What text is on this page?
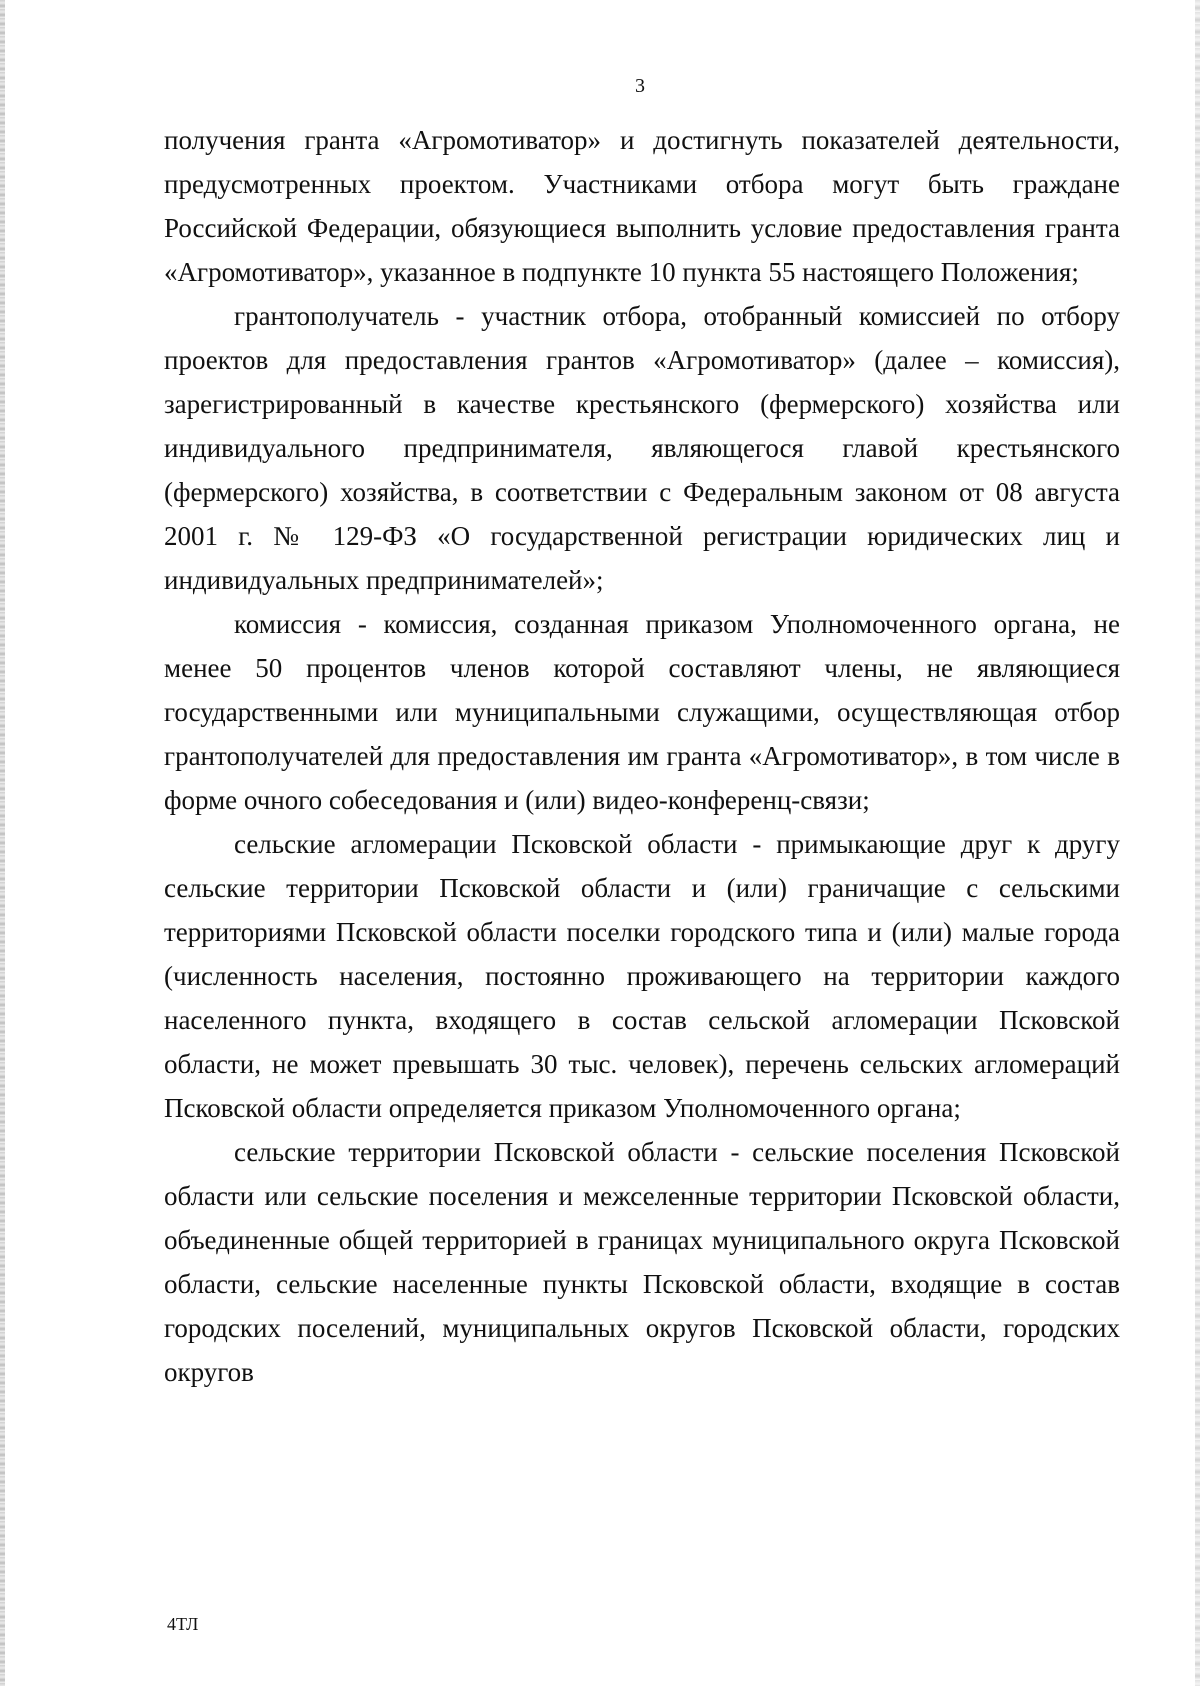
3

получения гранта «Агромотиватор» и достигнуть показателей деятельности, предусмотренных проектом. Участниками отбора могут быть граждане Российской Федерации, обязующиеся выполнить условие предоставления гранта «Агромотиватор», указанное в подпункте 10 пункта 55 настоящего Положения;

грантополучатель - участник отбора, отобранный комиссией по отбору проектов для предоставления грантов «Агромотиватор» (далее – комиссия), зарегистрированный в качестве крестьянского (фермерского) хозяйства или индивидуального предпринимателя, являющегося главой крестьянского (фермерского) хозяйства, в соответствии с Федеральным законом от 08 августа 2001 г. № 129-ФЗ «О государственной регистрации юридических лиц и индивидуальных предпринимателей»;

комиссия - комиссия, созданная приказом Уполномоченного органа, не менее 50 процентов членов которой составляют члены, не являющиеся государственными или муниципальными служащими, осуществляющая отбор грантополучателей для предоставления им гранта «Агромотиватор», в том числе в форме очного собеседования и (или) видео-конференц-связи;

сельские агломерации Псковской области - примыкающие друг к другу сельские территории Псковской области и (или) граничащие с сельскими территориями Псковской области поселки городского типа и (или) малые города (численность населения, постоянно проживающего на территории каждого населенного пункта, входящего в состав сельской агломерации Псковской области, не может превышать 30 тыс. человек), перечень сельских агломераций Псковской области определяется приказом Уполномоченного органа;

сельские территории Псковской области - сельские поселения Псковской области или сельские поселения и межселенные территории Псковской области, объединенные общей территорией в границах муниципального округа Псковской области, сельские населенные пункты Псковской области, входящие в состав городских поселений, муниципальных округов Псковской области, городских округов

4ТЛ
